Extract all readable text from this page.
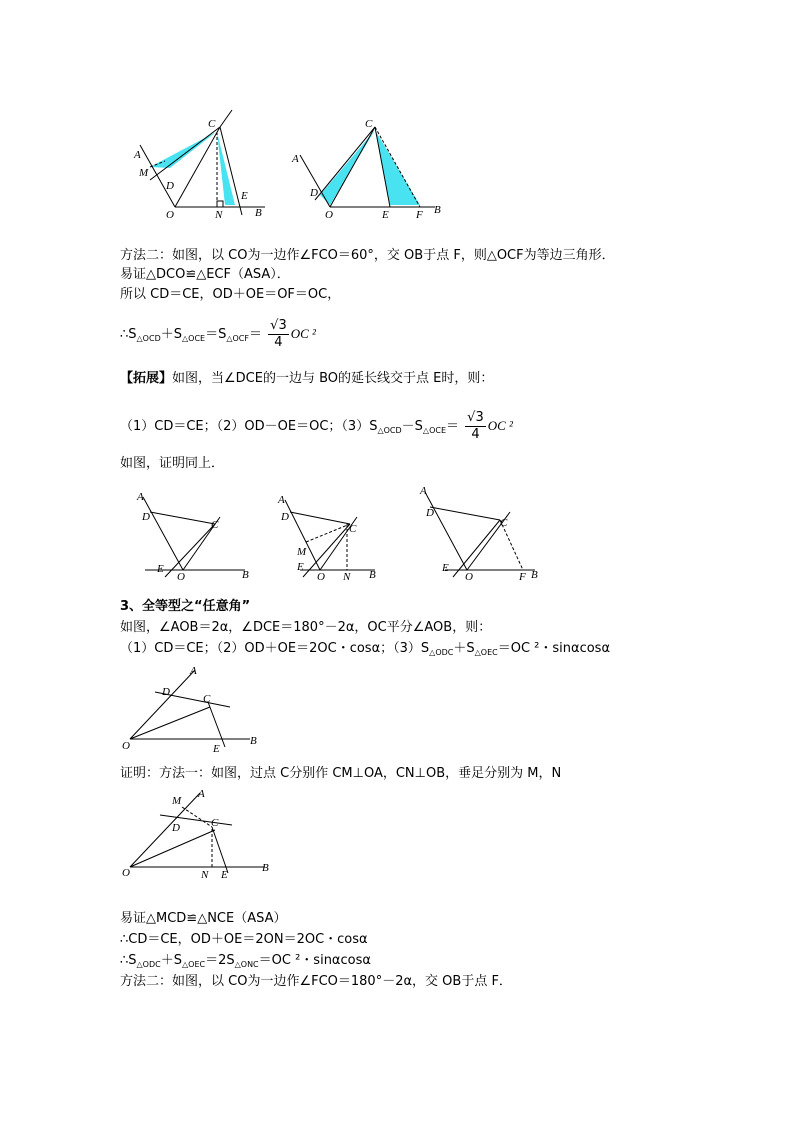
A
C
M
D
O	N
E
B
A
C
D
O	E F B
方法二：如图，以 CO为一边作∠FCO＝60°，交 OB于点 F，则△OCF为等边三角形．
易证△DCO≌△ECF（ASA）．
所以 CD＝CE，OD＋OE＝OF＝OC，
$\therefore S_{\triangle OCD}+S_{\triangle OCE}=S_{\triangle OCF}= \frac{√3}{4}$ OC ²
【拓展】如图，当∠DCE的一边与 BO的延长线交于点 E时，则：
（1）CD＝CE；（2）OD－OE＝OC；$(3)S_{\triangle OCD}-S_{\triangle OCE}= \frac{√3}{4}$ OC ²
如图，证明同上．
A
D
C
E
O	B
A
D
C
M
E
O N B
A
D
C
E
O	F B
3、全等型之“任意角”
如图，∠AOB＝2α，∠DCE＝180°－2α，OC平分∠AOB，则：
（1）CD＝CE；（2）OD＋OE＝2OC・cosα；$(3)S_{\triangle ODC}+S_{\triangle OEC}=OC$ ²・sinαcosα
A
D
C
O	E
B
证明：方法一：如图，过点 C分别作 CM⊥OA，CN⊥OB，垂足分别为 M，N
M
A
D	C
O	N E
B
易证△MCD≌△NCE（ASA）
∴CD＝CE，OD＋OE＝2ON＝2OC・cosα
$\therefore S_{\triangle ODC}+S_{\triangle OEC}=2S_{\triangle ONC}=OC$ ²・sinαcosα
方法二：如图，以 CO为一边作∠FCO＝180°－2α，交 OB于点 F．
